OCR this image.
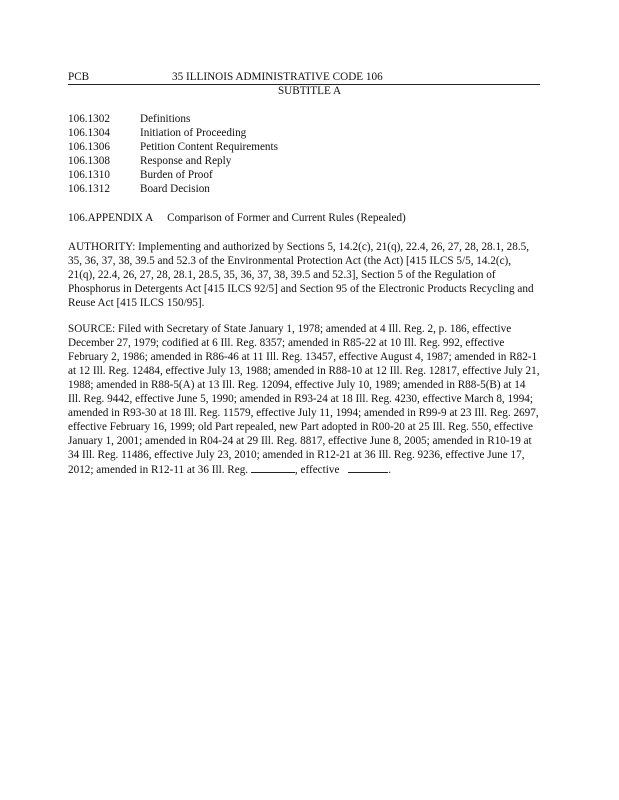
PCB	35 ILLINOIS ADMINISTRATIVE CODE 106
SUBTITLE A
106.1302	Definitions
106.1304	Initiation of Proceeding
106.1306	Petition Content Requirements
106.1308	Response and Reply
106.1310	Burden of Proof
106.1312	Board Decision
106.APPENDIX A Comparison of Former and Current Rules (Repealed)
AUTHORITY: Implementing and authorized by Sections 5, 14.2(c), 21(q), 22.4, 26, 27, 28, 28.1, 28.5, 35, 36, 37, 38, 39.5 and 52.3 of the Environmental Protection Act (the Act) [415 ILCS 5/5, 14.2(c), 21(q), 22.4, 26, 27, 28, 28.1, 28.5, 35, 36, 37, 38, 39.5 and 52.3], Section 5 of the Regulation of Phosphorus in Detergents Act [415 ILCS 92/5] and Section 95 of the Electronic Products Recycling and Reuse Act [415 ILCS 150/95].
SOURCE: Filed with Secretary of State January 1, 1978; amended at 4 Ill. Reg. 2, p. 186, effective December 27, 1979; codified at 6 Ill. Reg. 8357; amended in R85-22 at 10 Ill. Reg. 992, effective February 2, 1986; amended in R86-46 at 11 Ill. Reg. 13457, effective August 4, 1987; amended in R82-1 at 12 Ill. Reg. 12484, effective July 13, 1988; amended in R88-10 at 12 Ill. Reg. 12817, effective July 21, 1988; amended in R88-5(A) at 13 Ill. Reg. 12094, effective July 10, 1989; amended in R88-5(B) at 14 Ill. Reg. 9442, effective June 5, 1990; amended in R93-24 at 18 Ill. Reg. 4230, effective March 8, 1994; amended in R93-30 at 18 Ill. Reg. 11579, effective July 11, 1994; amended in R99-9 at 23 Ill. Reg. 2697, effective February 16, 1999; old Part repealed, new Part adopted in R00-20 at 25 Ill. Reg. 550, effective January 1, 2001; amended in R04-24 at 29 Ill. Reg. 8817, effective June 8, 2005; amended in R10-19 at 34 Ill. Reg. 11486, effective July 23, 2010; amended in R12-21 at 36 Ill. Reg. 9236, effective June 17, 2012; amended in R12-11 at 36 Ill. Reg.	, effective	.
